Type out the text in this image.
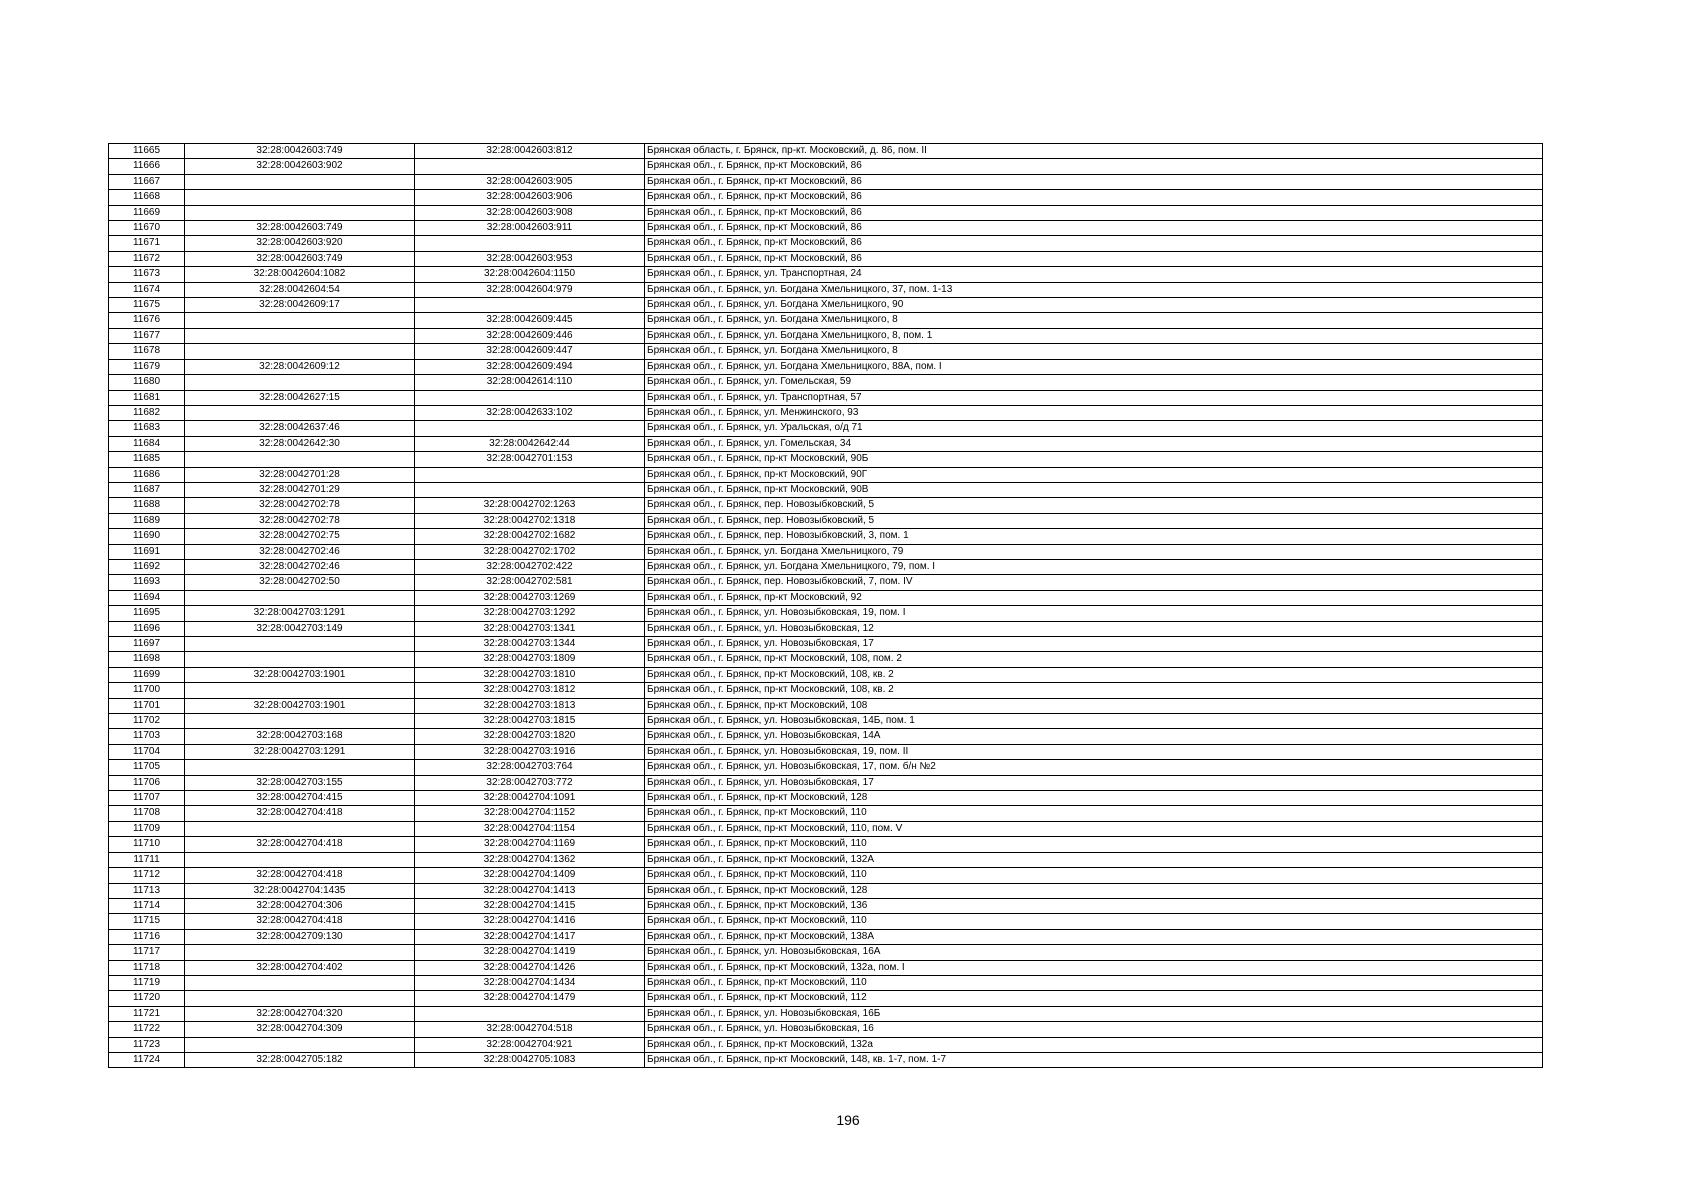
11665	32:28:0042603:749	32:28:0042603:812	Брянская область, г. Брянск, пр-кт. Московский, д. 86, пом. II
11666	32:28:0042603:902		Брянская обл., г. Брянск, пр-кт Московский, 86
11667		32:28:0042603:905	Брянская обл., г. Брянск, пр-кт Московский, 86
11668		32:28:0042603:906	Брянская обл., г. Брянск, пр-кт Московский, 86
11669		32:28:0042603:908	Брянская обл., г. Брянск, пр-кт Московский, 86
11670	32:28:0042603:749	32:28:0042603:911	Брянская обл., г. Брянск, пр-кт Московский, 86
11671	32:28:0042603:920		Брянская обл., г. Брянск, пр-кт Московский, 86
11672	32:28:0042603:749	32:28:0042603:953	Брянская обл., г. Брянск, пр-кт Московский, 86
11673	32:28:0042604:1082	32:28:0042604:1150	Брянская обл., г. Брянск, ул. Транспортная, 24
11674	32:28:0042604:54	32:28:0042604:979	Брянская обл., г. Брянск, ул. Богдана Хмельницкого, 37, пом. 1-13
11675	32:28:0042609:17		Брянская обл., г. Брянск, ул. Богдана Хмельницкого, 90
11676		32:28:0042609:445	Брянская обл., г. Брянск, ул. Богдана Хмельницкого, 8
11677		32:28:0042609:446	Брянская обл., г. Брянск, ул. Богдана Хмельницкого, 8, пом. 1
11678		32:28:0042609:447	Брянская обл., г. Брянск, ул. Богдана Хмельницкого, 8
11679	32:28:0042609:12	32:28:0042609:494	Брянская обл., г. Брянск, ул. Богдана Хмельницкого, 88А, пом. I
11680		32:28:0042614:110	Брянская обл., г. Брянск, ул. Гомельская, 59
11681	32:28:0042627:15		Брянская обл., г. Брянск, ул. Транспортная, 57
11682		32:28:0042633:102	Брянская обл., г. Брянск, ул. Менжинского, 93
11683	32:28:0042637:46		Брянская обл., г. Брянск, ул. Уральская, о/д 71
11684	32:28:0042642:30	32:28:0042642:44	Брянская обл., г. Брянск, ул. Гомельская, 34
11685		32:28:0042701:153	Брянская обл., г. Брянск, пр-кт Московский, 90Б
11686	32:28:0042701:28		Брянская обл., г. Брянск, пр-кт Московский, 90Г
11687	32:28:0042701:29		Брянская обл., г. Брянск, пр-кт Московский, 90В
11688	32:28:0042702:78	32:28:0042702:1263	Брянская обл., г. Брянск, пер. Новозыбковский, 5
11689	32:28:0042702:78	32:28:0042702:1318	Брянская обл., г. Брянск, пер. Новозыбковский, 5
11690	32:28:0042702:75	32:28:0042702:1682	Брянская обл., г. Брянск, пер. Новозыбковский, 3, пом. 1
11691	32:28:0042702:46	32:28:0042702:1702	Брянская обл., г. Брянск, ул. Богдана Хмельницкого, 79
11692	32:28:0042702:46	32:28:0042702:422	Брянская обл., г. Брянск, ул. Богдана Хмельницкого, 79, пом. I
11693	32:28:0042702:50	32:28:0042702:581	Брянская обл., г. Брянск, пер. Новозыбковский, 7, пом. IV
11694		32:28:0042703:1269	Брянская обл., г. Брянск, пр-кт Московский, 92
11695	32:28:0042703:1291	32:28:0042703:1292	Брянская обл., г. Брянск, ул. Новозыбковская, 19, пом. I
11696	32:28:0042703:149	32:28:0042703:1341	Брянская обл., г. Брянск, ул. Новозыбковская, 12
11697		32:28:0042703:1344	Брянская обл., г. Брянск, ул. Новозыбковская, 17
11698		32:28:0042703:1809	Брянская обл., г. Брянск, пр-кт Московский, 108, пом. 2
11699	32:28:0042703:1901	32:28:0042703:1810	Брянская обл., г. Брянск, пр-кт Московский, 108, кв. 2
11700		32:28:0042703:1812	Брянская обл., г. Брянск, пр-кт Московский, 108, кв. 2
11701	32:28:0042703:1901	32:28:0042703:1813	Брянская обл., г. Брянск, пр-кт Московский, 108
11702		32:28:0042703:1815	Брянская обл., г. Брянск, ул. Новозыбковская, 14Б, пом. 1
11703	32:28:0042703:168	32:28:0042703:1820	Брянская обл., г. Брянск, ул. Новозыбковская, 14А
11704	32:28:0042703:1291	32:28:0042703:1916	Брянская обл., г. Брянск, ул. Новозыбковская, 19, пом. II
11705		32:28:0042703:764	Брянская обл., г. Брянск, ул. Новозыбковская, 17, пом. б/н №2
11706	32:28:0042703:155	32:28:0042703:772	Брянская обл., г. Брянск, ул. Новозыбковская, 17
11707	32:28:0042704:415	32:28:0042704:1091	Брянская обл., г. Брянск, пр-кт Московский, 128
11708	32:28:0042704:418	32:28:0042704:1152	Брянская обл., г. Брянск, пр-кт Московский, 110
11709		32:28:0042704:1154	Брянская обл., г. Брянск, пр-кт Московский, 110, пом. V
11710	32:28:0042704:418	32:28:0042704:1169	Брянская обл., г. Брянск, пр-кт Московский, 110
11711		32:28:0042704:1362	Брянская обл., г. Брянск, пр-кт Московский, 132А
11712	32:28:0042704:418	32:28:0042704:1409	Брянская обл., г. Брянск, пр-кт Московский, 110
11713	32:28:0042704:1435	32:28:0042704:1413	Брянская обл., г. Брянск, пр-кт Московский, 128
11714	32:28:0042704:306	32:28:0042704:1415	Брянская обл., г. Брянск, пр-кт Московский, 136
11715	32:28:0042704:418	32:28:0042704:1416	Брянская обл., г. Брянск, пр-кт Московский, 110
11716	32:28:0042709:130	32:28:0042704:1417	Брянская обл., г. Брянск, пр-кт Московский, 138А
11717		32:28:0042704:1419	Брянская обл., г. Брянск, ул. Новозыбковская, 16А
11718	32:28:0042704:402	32:28:0042704:1426	Брянская обл., г. Брянск, пр-кт Московский, 132а, пом. I
11719		32:28:0042704:1434	Брянская обл., г. Брянск, пр-кт Московский, 110
11720		32:28:0042704:1479	Брянская обл., г. Брянск, пр-кт Московский, 112
11721	32:28:0042704:320		Брянская обл., г. Брянск, ул. Новозыбковская, 16Б
11722	32:28:0042704:309	32:28:0042704:518	Брянская обл., г. Брянск, ул. Новозыбковская, 16
11723		32:28:0042704:921	Брянская обл., г. Брянск, пр-кт Московский, 132а
11724	32:28:0042705:182	32:28:0042705:1083	Брянская обл., г. Брянск, пр-кт Московский, 148, кв. 1-7, пом. 1-7
196
